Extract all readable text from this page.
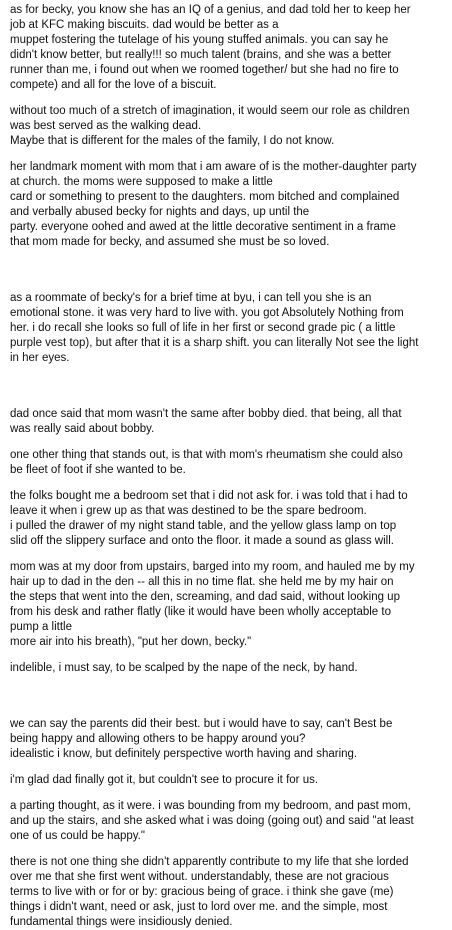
as for becky, you know she has an IQ of a genius, and dad told her to keep her
job at KFC making biscuits. dad would be better as a
muppet fostering the tutelage of his young stuffed animals. you can say he
didn't know better, but really!!! so much talent (brains, and she was a better
runner than me, i found out when we roomed together/ but she had no fire to
compete) and all for the love of a biscuit.

without too much of a stretch of imagination, it would seem our role as children
was best served as the walking dead.
Maybe that is different for the males of the family, I do not know.

her landmark moment with mom that i am aware of is the mother-daughter party
at church. the moms were supposed to make a little
card or something to present to the daughters. mom bitched and complained
and verbally abused becky for nights and days, up until the
party. everyone oohed and awed at the little decorative sentiment in a frame
that mom made for becky, and assumed she must be so loved.

as a roommate of becky's for a brief time at byu, i can tell you she is an
emotional stone. it was very hard to live with. you got Absolutely Nothing from
her. i do recall she looks so full of life in her first or second grade pic ( a little
purple vest top), but after that it is a sharp shift. you can literally Not see the light
in her eyes.

dad once said that mom wasn't the same after bobby died. that being, all that
was really said about bobby.

one other thing that stands out, is that with mom's rheumatism she could also
be fleet of foot if she wanted to be.

the folks bought me a bedroom set that i did not ask for. i was told that i had to
leave it when i grew up as that was destined to be the spare bedroom.
i pulled the drawer of my night stand table, and the yellow glass lamp on top
slid off the slippery surface and onto the floor. it made a sound as glass will.

mom was at my door from upstairs, barged into my room, and hauled me by my
hair up to dad in the den -- all this in no time flat. she held me by my hair on
the steps that went into the den, screaming, and dad said, without looking up
from his desk and rather flatly (like it would have been wholly acceptable to
pump a little
more air into his breath), "put her down, becky."

indelible, i must say, to be scalped by the nape of the neck, by hand.

we can say the parents did their best. but i would have to say, can't Best be
being happy and allowing others to be happy around you?
idealistic i know, but definitely perspective worth having and sharing.

i'm glad dad finally got it, but couldn't see to procure it for us.

a parting thought, as it were. i was bounding from my bedroom, and past mom,
and up the stairs, and she asked what i was doing (going out) and said "at least
one of us could be happy."

there is not one thing she didn't apparently contribute to my life that she lorded
over me that she first went without. understandably, these are not gracious
terms to live with or for or by: gracious being of grace. i think she gave (me)
things i didn't want, need or ask, just to lord over me. and the simple, most
fundamental things were insidiously denied.
